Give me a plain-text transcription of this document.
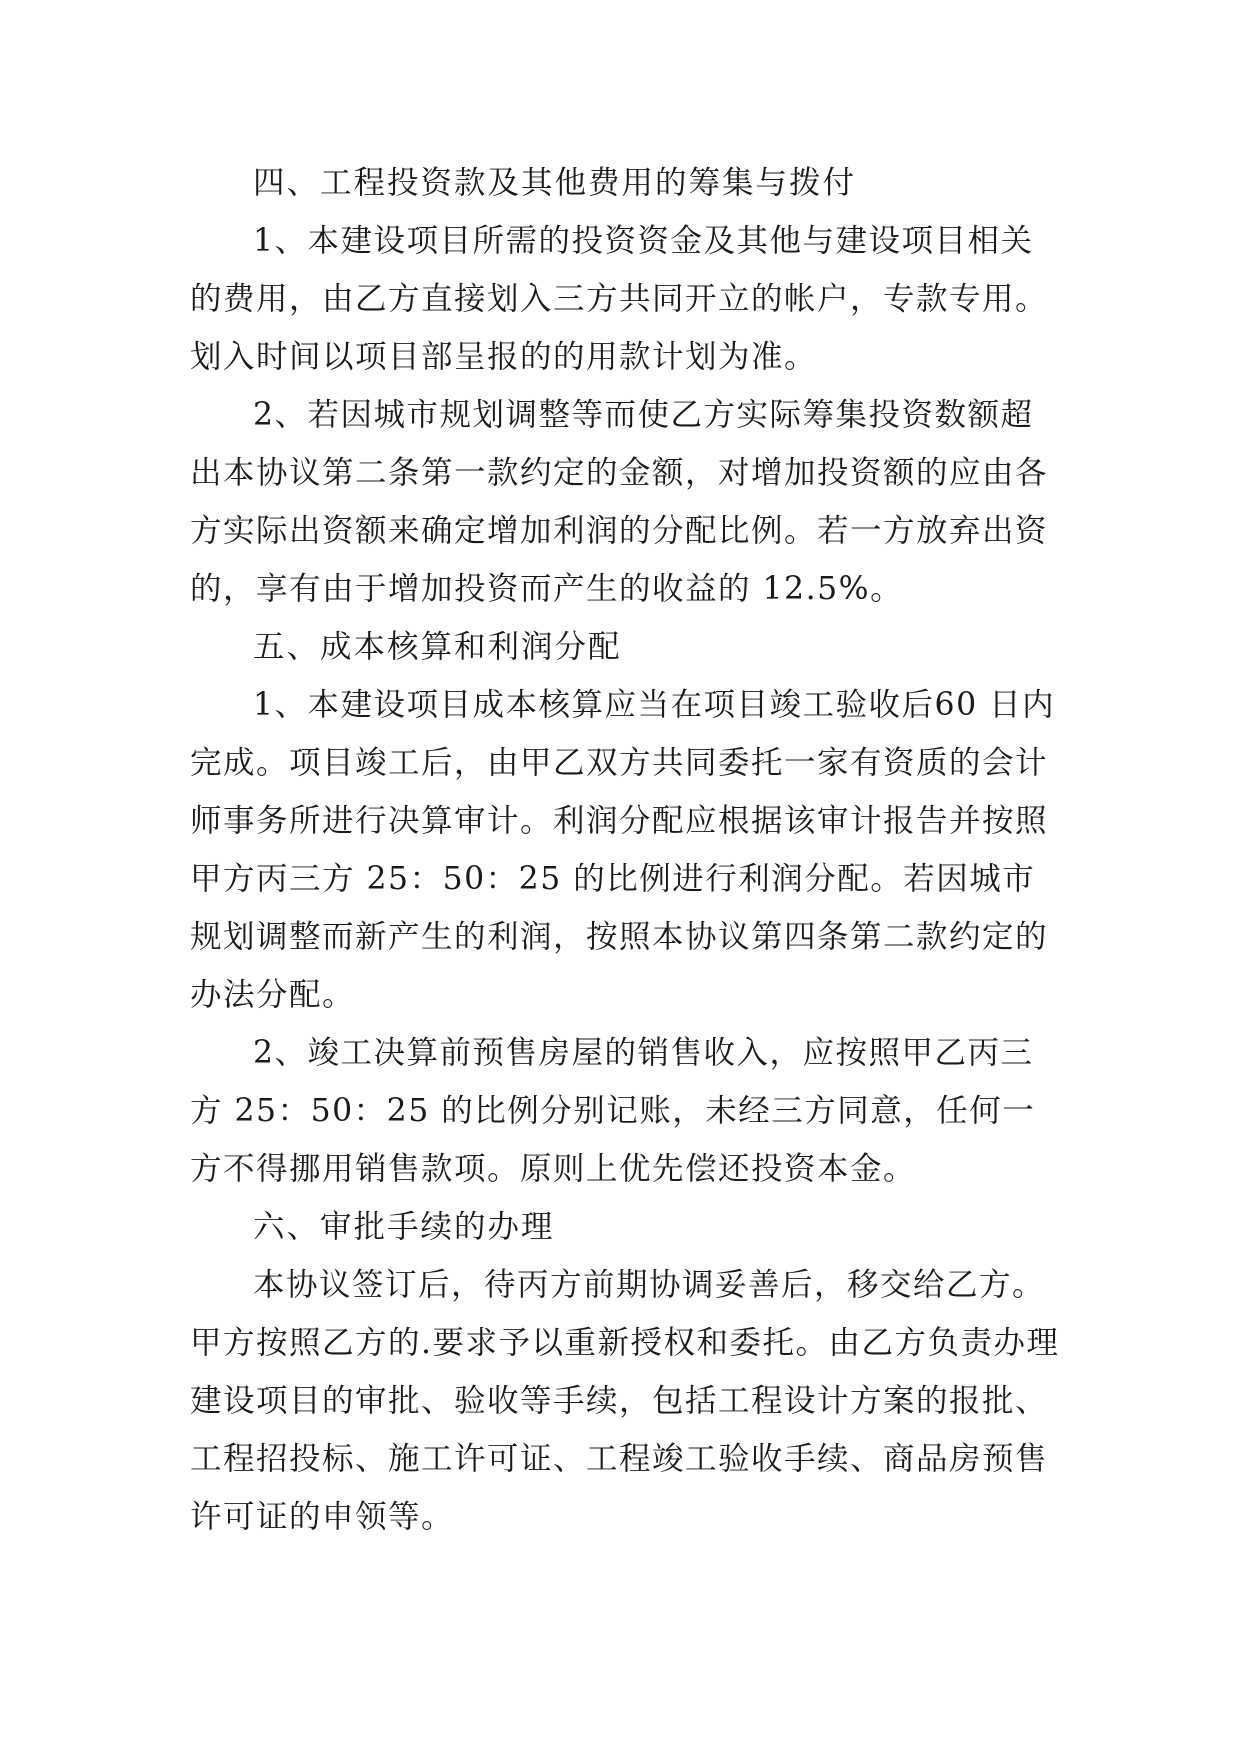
四、工程投资款及其他费用的筹集与拨付

1、本建设项目所需的投资资金及其他与建设项目相关的费用，由乙方直接划入三方共同开立的帐户，专款专用。划入时间以项目部呈报的的用款计划为准。

2、若因城市规划调整等而使乙方实际筹集投资数额超出本协议第二条第一款约定的金额，对增加投资额的应由各方实际出资额来确定增加利润的分配比例。若一方放弃出资的，享有由于增加投资而产生的收益的 12.5%。

五、成本核算和利润分配

1、本建设项目成本核算应当在项目竣工验收后60 日内完成。项目竣工后，由甲乙双方共同委托一家有资质的会计师事务所进行决算审计。利润分配应根据该审计报告并按照甲方丙三方 25：50：25 的比例进行利润分配。若因城市规划调整而新产生的利润，按照本协议第四条第二款约定的办法分配。

2、竣工决算前预售房屋的销售收入，应按照甲乙丙三方 25：50：25 的比例分别记账，未经三方同意，任何一方不得挪用销售款项。原则上优先偿还投资本金。

六、审批手续的办理

本协议签订后，待丙方前期协调妥善后，移交给乙方。甲方按照乙方的.要求予以重新授权和委托。由乙方负责办理建设项目的审批、验收等手续，包括工程设计方案的报批、工程招投标、施工许可证、工程竣工验收手续、商品房预售许可证的申领等。
